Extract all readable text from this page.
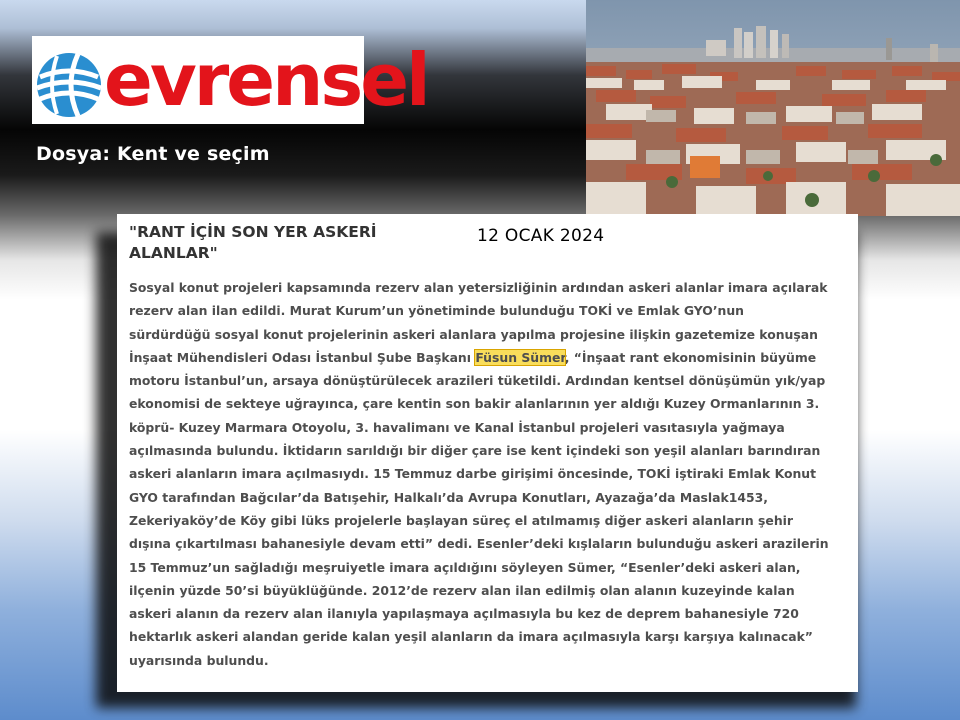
evrensel
Dosya: Kent ve seçim
"RANT İÇİN SON YER ASKERİ ALANLAR"
12 OCAK 2024
Sosyal konut projeleri kapsamında rezerv alan yetersizliğinin ardından askeri alanlar imara açılarak
rezerv alan ilan edildi. Murat Kurum’un yönetiminde bulunduğu TOKİ ve Emlak GYO’nun
sürdürdüğü sosyal konut projelerinin askeri alanlara yapılma projesine ilişkin gazetemize konuşan
İnşaat Mühendisleri Odası İstanbul Şube Başkanı Füsun Sümer, “İnşaat rant ekonomisinin büyüme
motoru İstanbul’un, arsaya dönüştürülecek arazileri tüketildi. Ardından kentsel dönüşümün yık/yap
ekonomisi de sekteye uğrayınca, çare kentin son bakir alanlarının yer aldığı Kuzey Ormanlarının 3.
köprü- Kuzey Marmara Otoyolu, 3. havalimanı ve Kanal İstanbul projeleri vasıtasıyla yağmaya
açılmasında bulundu. İktidarın sarıldığı bir diğer çare ise kent içindeki son yeşil alanları barındıran
askeri alanların imara açılmasıydı. 15 Temmuz darbe girişimi öncesinde, TOKİ iştiraki Emlak Konut
GYO tarafından Bağcılar’da Batışehir, Halkalı’da Avrupa Konutları, Ayazağa’da Maslak1453,
Zekeriyaköy’de Köy gibi lüks projelerle başlayan süreç el atılmamış diğer askeri alanların şehir
dışına çıkartılması bahanesiyle devam etti” dedi. Esenler’deki kışlaların bulunduğu askeri arazilerin
15 Temmuz’un sağladığı meşruiyetle imara açıldığını söyleyen Sümer, “Esenler’deki askeri alan,
ilçenin yüzde 50’si büyüklüğünde. 2012’de rezerv alan ilan edilmiş olan alanın kuzeyinde kalan
askeri alanın da rezerv alan ilanıyla yapılaşmaya açılmasıyla bu kez de deprem bahanesiyle 720
hektarlık askeri alandan geride kalan yeşil alanların da imara açılmasıyla karşı karşıya kalınacak”
uyarısında bulundu.
